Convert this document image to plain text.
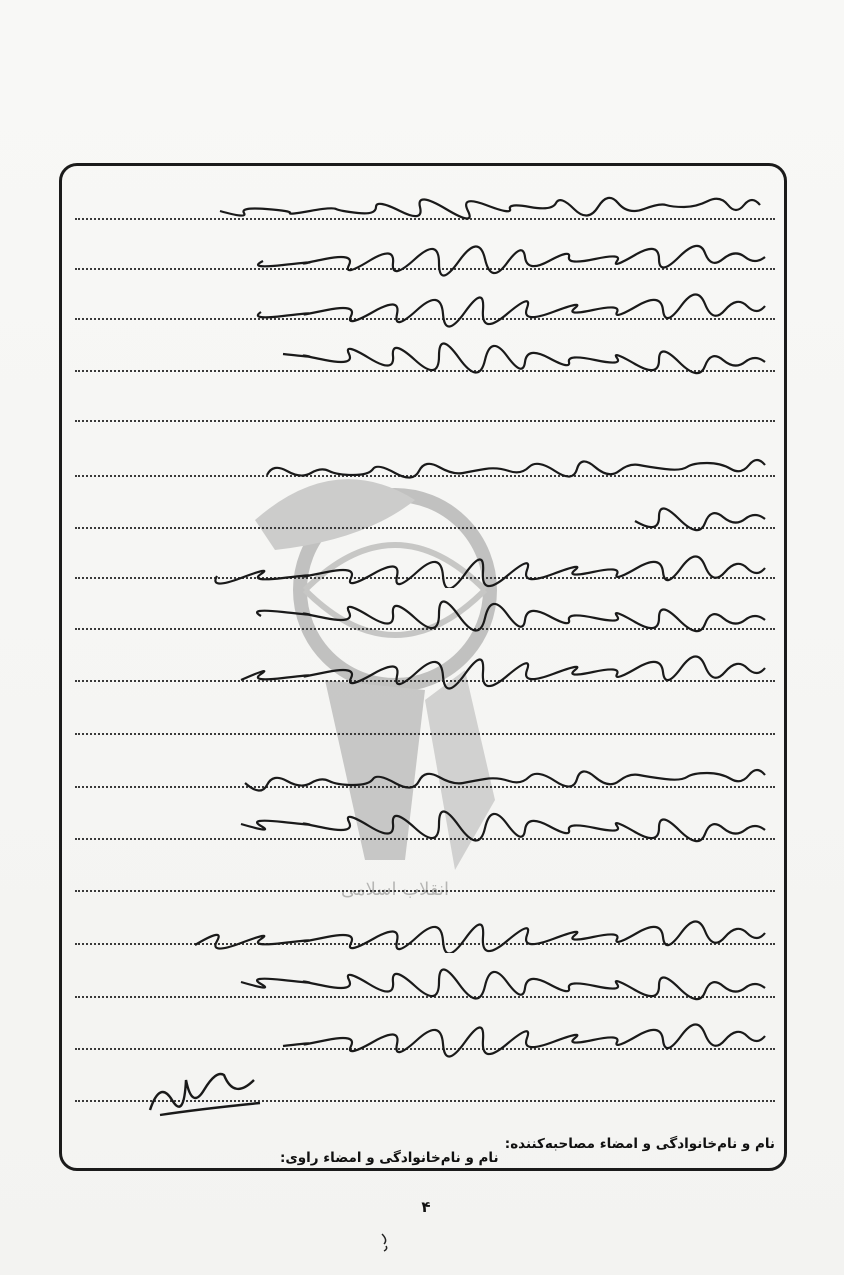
انقلاب اسلامی
نام و نام‌خانوادگی و امضاء مصاحبه‌کننده:
نام و نام‌خانوادگی و امضاء راوی:
۴
